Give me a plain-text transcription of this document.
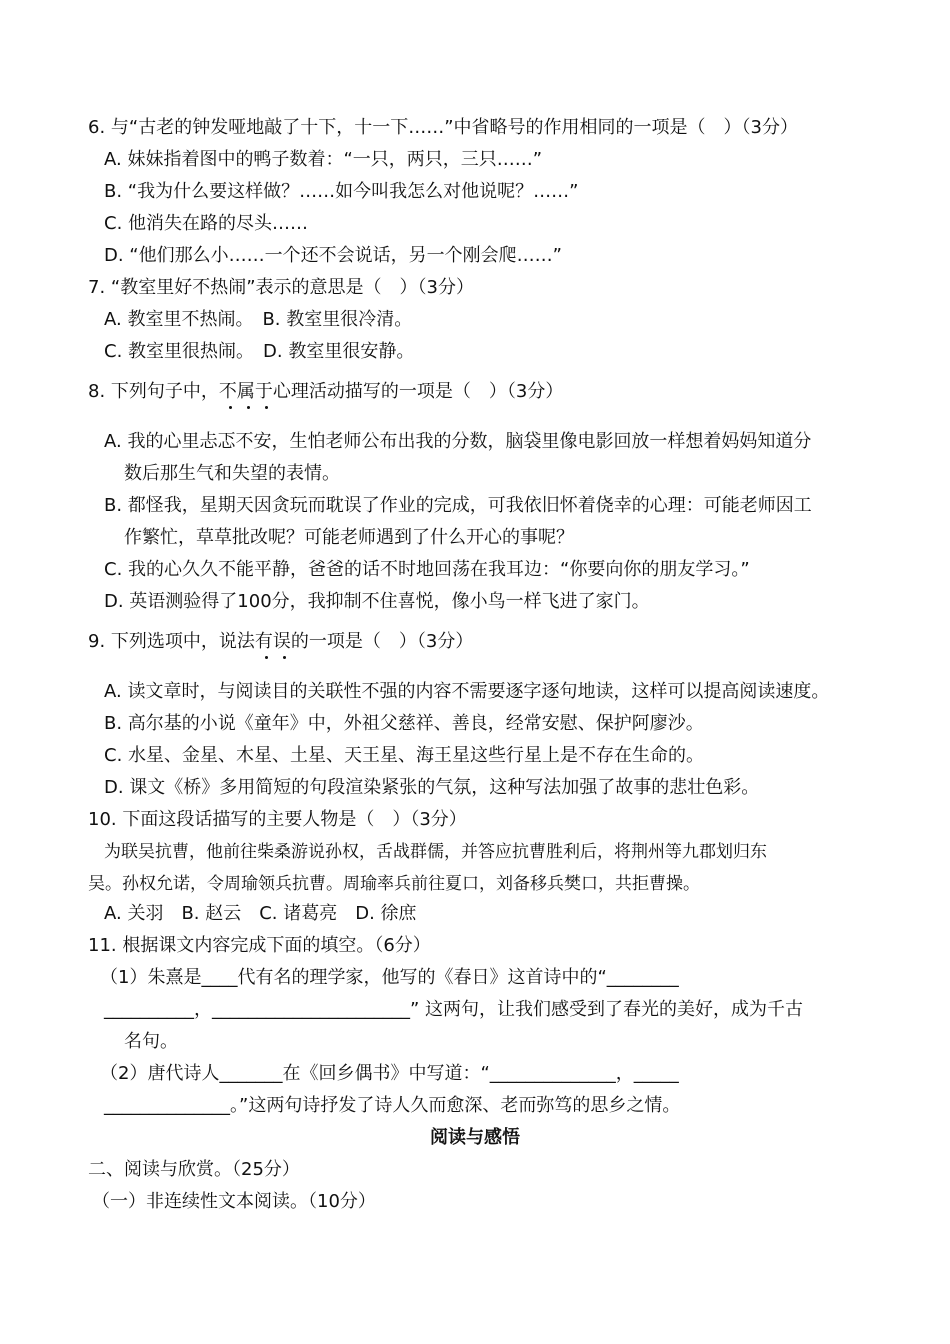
6. 与“古老的钟发哑地敲了十下，十一下……”中省略号的作用相同的一项是（　）（3分）
A. 妹妹指着图中的鸭子数着：“一只，两只，三只……”
B. “我为什么要这样做？……如今叫我怎么对他说呢？……”
C. 他消失在路的尽头……
D. “他们那么小……一个还不会说话，另一个刚会爬……”
7. “教室里好不热闹”表示的意思是（　）（3分）
A. 教室里不热闹。　B. 教室里很冷清。
C. 教室里很热闹。　D. 教室里很安静。
8. 下列句子中，不属于心理活动描写的一项是（　）（3分）
A. 我的心里忐忑不安，生怕老师公布出我的分数，脑袋里像电影回放一样想着妈妈知道分
数后那生气和失望的表情。
B. 都怪我，星期天因贪玩而耽误了作业的完成，可我依旧怀着侥幸的心理：可能老师因工
作繁忙，草草批改呢？可能老师遇到了什么开心的事呢？
C. 我的心久久不能平静，爸爸的话不时地回荡在我耳边：“你要向你的朋友学习。”
D. 英语测验得了100分，我抑制不住喜悦，像小鸟一样飞进了家门。
9. 下列选项中，说法有误的一项是（　）（3分）
A. 读文章时，与阅读目的关联性不强的内容不需要逐字逐句地读，这样可以提高阅读速度。
B. 高尔基的小说《童年》中，外祖父慈祥、善良，经常安慰、保护阿廖沙。
C. 水星、金星、木星、土星、天王星、海王星这些行星上是不存在生命的。
D. 课文《桥》多用简短的句段渲染紧张的气氛，这种写法加强了故事的悲壮色彩。
10. 下面这段话描写的主要人物是（　）（3分）
为联吴抗曹，他前往柴桑游说孙权，舌战群儒，并答应抗曹胜利后，将荆州等九郡划归东
吴。孙权允诺，令周瑜领兵抗曹。周瑜率兵前往夏口，刘备移兵樊口，共拒曹操。
A. 关羽　B. 赵云　C. 诸葛亮　D. 徐庶
11. 根据课文内容完成下面的填空。（6分）
（1）朱熹是____代有名的理学家，他写的《春日》这首诗中的“________
__________，______________________” 这两句，让我们感受到了春光的美好，成为千古
名句。
（2）唐代诗人_______在《回乡偶书》中写道：“______________，_____
______________。”这两句诗抒发了诗人久而愈深、老而弥笃的思乡之情。
阅读与感悟
二、阅读与欣赏。（25分）
（一）非连续性文本阅读。（10分）
